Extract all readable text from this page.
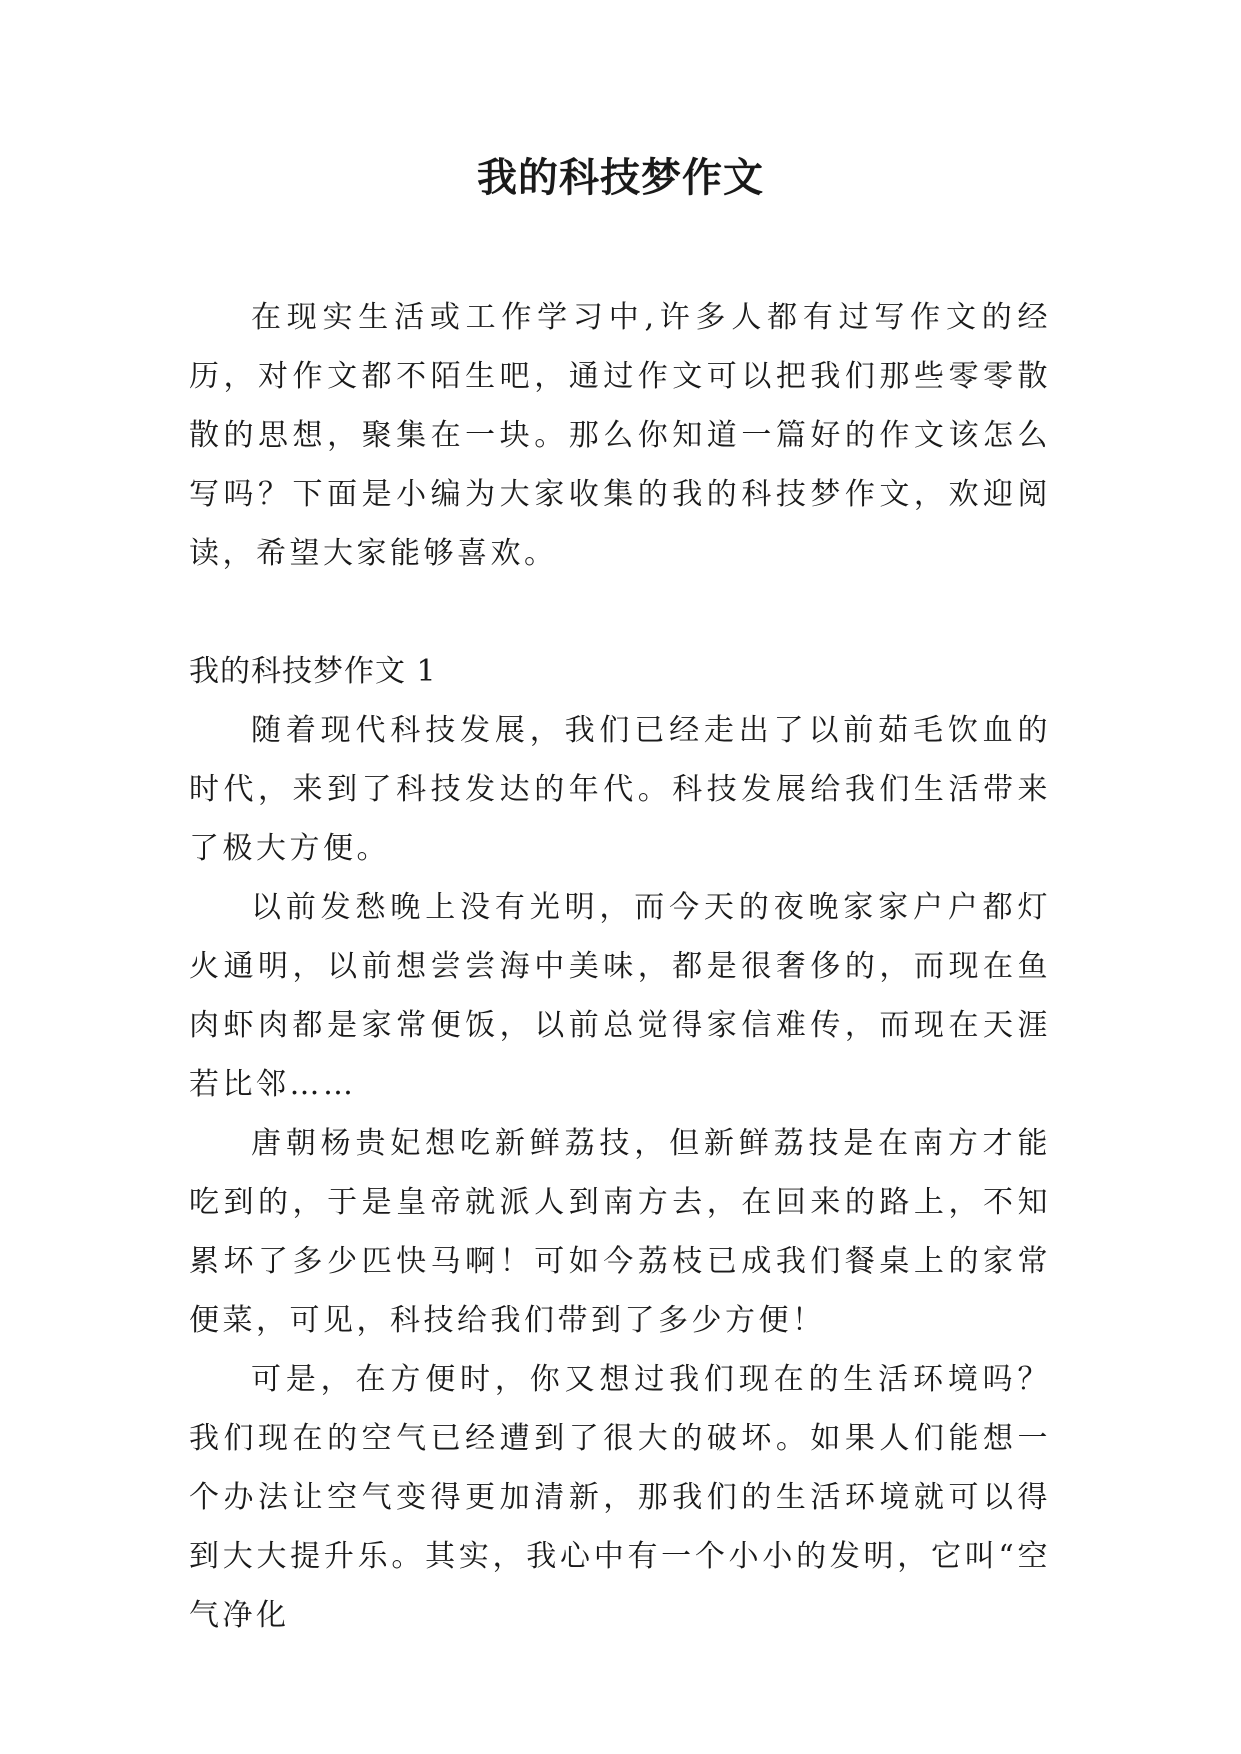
我的科技梦作文

在现实生活或工作学习中,许多人都有过写作文的经历，对作文都不陌生吧，通过作文可以把我们那些零零散散的思想，聚集在一块。那么你知道一篇好的作文该怎么写吗？下面是小编为大家收集的我的科技梦作文，欢迎阅读，希望大家能够喜欢。

我的科技梦作文 1

随着现代科技发展，我们已经走出了以前茹毛饮血的时代，来到了科技发达的年代。科技发展给我们生活带来了极大方便。

以前发愁晚上没有光明，而今天的夜晚家家户户都灯火通明，以前想尝尝海中美味，都是很奢侈的，而现在鱼肉虾肉都是家常便饭，以前总觉得家信难传，而现在天涯若比邻……

唐朝杨贵妃想吃新鲜荔技，但新鲜荔技是在南方才能吃到的，于是皇帝就派人到南方去，在回来的路上，不知累坏了多少匹快马啊！可如今荔枝已成我们餐桌上的家常便菜，可见，科技给我们带到了多少方便！

可是，在方便时，你又想过我们现在的生活环境吗？我们现在的空气已经遭到了很大的破坏。如果人们能想一个办法让空气变得更加清新，那我们的生活环境就可以得到大大提升乐。其实，我心中有一个小小的发明，它叫“空气净化
